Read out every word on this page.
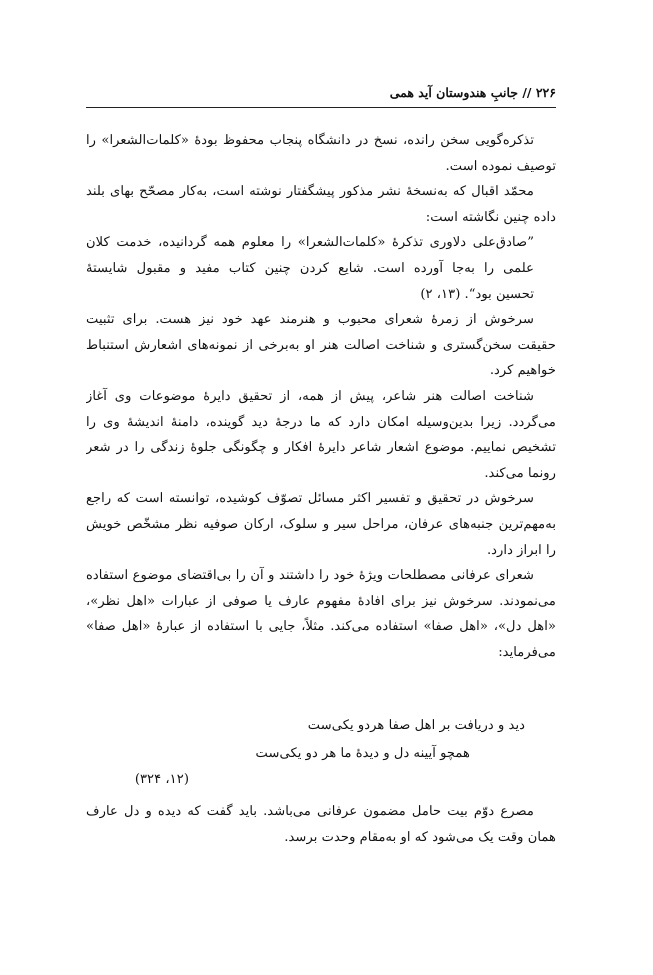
۲۲۶ // جانبِ هندوستان آید همی
تذکره‌گویی سخن رانده، نسخ در دانشگاه پنجاب محفوظ بودهٔ «کلمات‌الشعرا» را
توصیف نموده است.
محمّد اقبال که به‌نسخهٔ نشر مذکور پیشگفتار نوشته است، به‌کار مصحّح بهای بلند
داده چنین نگاشته است:
”صادق‌علی دلاوری تذکرهٔ «کلمات‌الشعرا» را معلوم همه گردانیده، خدمت کلان
علمی را به‌جا آورده است. شایع کردن چنین کتاب مفید و مقبول شایستهٔ
تحسین بود“. (۱۳، ۲)
سرخوش از زمرهٔ شعرای محبوب و هنرمند عهد خود نیز هست. برای تثبیت
حقیقت سخن‌گستری و شناخت اصالت هنر او به‌برخی از نمونه‌های اشعارش استنباط
خواهیم کرد.
شناخت اصالت هنر شاعر، پیش از همه، از تحقیق دایرهٔ موضوعات وی آغاز
می‌گردد. زیرا بدین‌وسیله امکان دارد که ما درجهٔ دید گوینده، دامنهٔ اندیشهٔ وی را
تشخیص نماییم. موضوع اشعار شاعر دایرهٔ افکار و چگونگی جلوهٔ زندگی را در شعر
رونما می‌کند.
سرخوش در تحقیق و تفسیر اکثر مسائل تصوّف کوشیده، توانسته است که راجع
به‌مهم‌ترین جنبه‌های عرفان، مراحل سیر و سلوک، ارکان صوفیه نظر مشخّص خویش
را ابراز دارد.
شعرای عرفانی مصطلحات ویژهٔ خود را داشتند و آن را بی‌اقتضای موضوع استفاده
می‌نمودند. سرخوش نیز برای افادهٔ مفهوم عارف یا صوفی از عبارات «اهل نظر»،
«اهل دل»، «اهل صفا» استفاده می‌کند. مثلاً، جایی با استفاده از عبارهٔ «اهل صفا»
می‌فرماید:
دید و دریافت بر اهل صفا هردو یکی‌ست
همچو آیینه دل و دیدهٔ ما هر دو یکی‌ست
(۱۲، ۳۲۴)
مصرع دوّم بیت حامل مضمون عرفانی می‌باشد. باید گفت که دیده و دل عارف
همان وقت یک می‌شود که او به‌مقام وحدت برسد.
